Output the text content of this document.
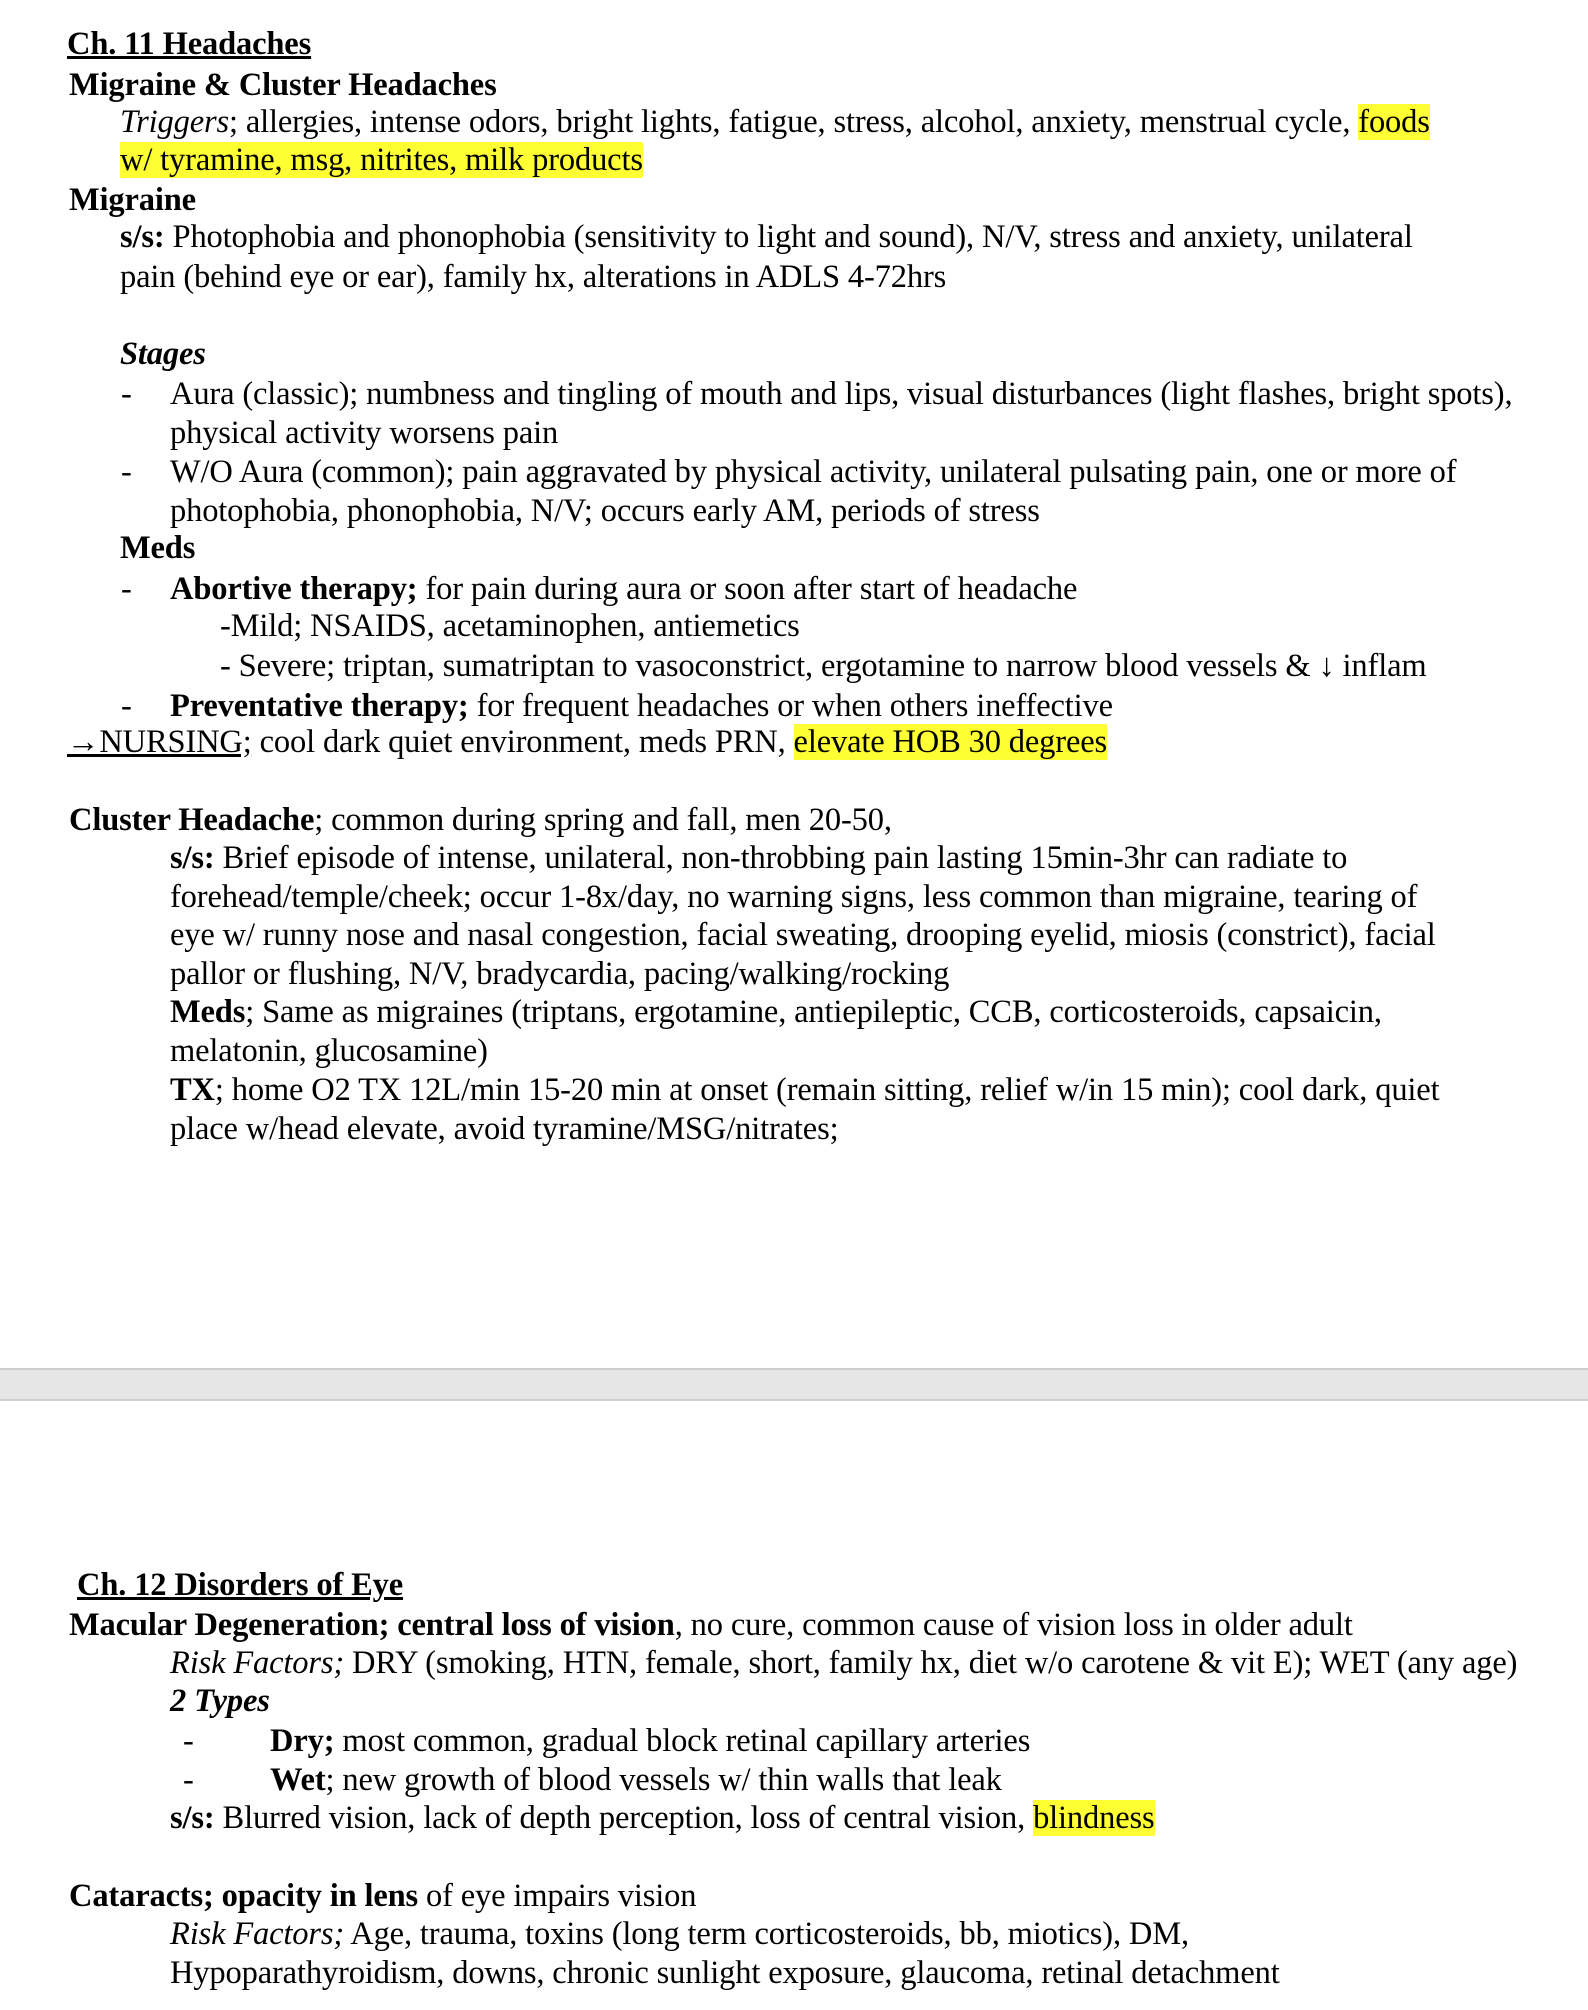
Ch. 11 Headaches
Migraine & Cluster Headaches
Triggers; allergies, intense odors, bright lights, fatigue, stress, alcohol, anxiety, menstrual cycle, foods
w/ tyramine, msg, nitrites, milk products
Migraine
s/s: Photophobia and phonophobia (sensitivity to light and sound), N/V, stress and anxiety, unilateral
pain (behind eye or ear), family hx, alterations in ADLS 4-72hrs
Stages
- Aura (classic); numbness and tingling of mouth and lips, visual disturbances (light flashes, bright spots),
physical activity worsens pain
- W/O Aura (common); pain aggravated by physical activity, unilateral pulsating pain, one or more of
photophobia, phonophobia, N/V; occurs early AM, periods of stress
Meds
- Abortive therapy; for pain during aura or soon after start of headache
-Mild; NSAIDS, acetaminophen, antiemetics
- Severe; triptan, sumatriptan to vasoconstrict, ergotamine to narrow blood vessels & ↓ inflam
- Preventative therapy; for frequent headaches or when others ineffective
→NURSING; cool dark quiet environment, meds PRN, elevate HOB 30 degrees
Cluster Headache; common during spring and fall, men 20-50,
s/s: Brief episode of intense, unilateral, non-throbbing pain lasting 15min-3hr can radiate to
forehead/temple/cheek; occur 1-8x/day, no warning signs, less common than migraine, tearing of
eye w/ runny nose and nasal congestion, facial sweating, drooping eyelid, miosis (constrict), facial
pallor or flushing, N/V, bradycardia, pacing/walking/rocking
Meds; Same as migraines (triptans, ergotamine, antiepileptic, CCB, corticosteroids, capsaicin,
melatonin, glucosamine)
TX; home O2 TX 12L/min 15-20 min at onset (remain sitting, relief w/in 15 min); cool dark, quiet
place w/head elevate, avoid tyramine/MSG/nitrates;
Ch. 12 Disorders of Eye
Macular Degeneration; central loss of vision, no cure, common cause of vision loss in older adult
Risk Factors; DRY (smoking, HTN, female, short, family hx, diet w/o carotene & vit E); WET (any age)
2 Types
- Dry; most common, gradual block retinal capillary arteries
- Wet; new growth of blood vessels w/ thin walls that leak
s/s: Blurred vision, lack of depth perception, loss of central vision, blindness
Cataracts; opacity in lens of eye impairs vision
Risk Factors; Age, trauma, toxins (long term corticosteroids, bb, miotics), DM,
Hypoparathyroidism, downs, chronic sunlight exposure, glaucoma, retinal detachment
